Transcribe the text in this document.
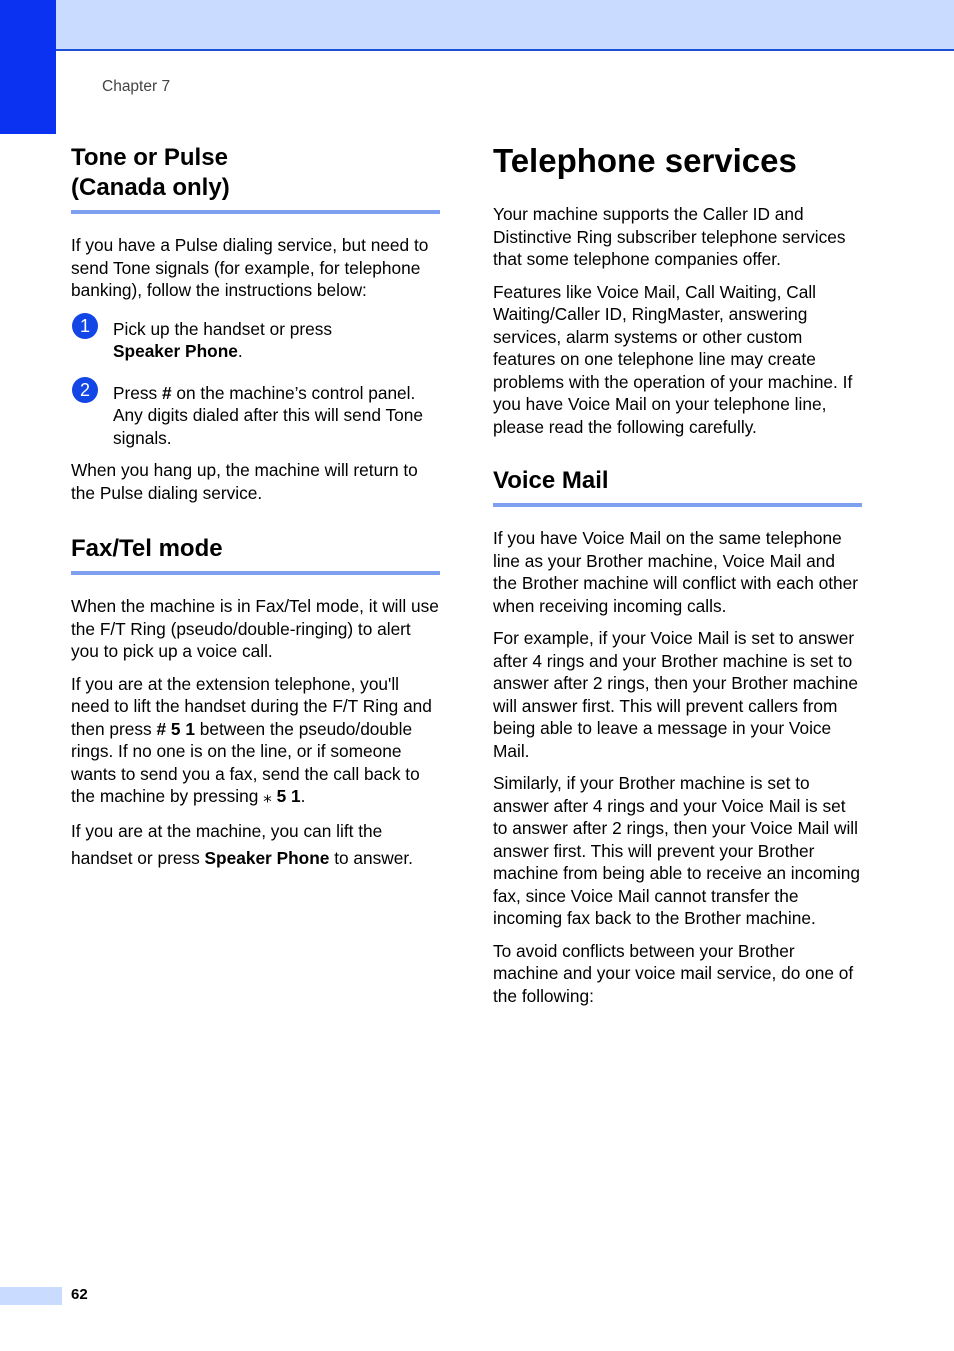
Chapter 7
Tone or Pulse
(Canada only)

If you have a Pulse dialing service, but need to send Tone signals (for example, for telephone banking), follow the instructions below:

1	Pick up the handset or press
Speaker Phone.
2	Press # on the machine’s control panel. Any digits dialed after this will send Tone signals.

When you hang up, the machine will return to the Pulse dialing service.

Fax/Tel mode

When the machine is in Fax/Tel mode, it will use the F/T Ring (pseudo/double-ringing) to alert you to pick up a voice call.

If you are at the extension telephone, you'll need to lift the handset during the F/T Ring and then press # 5 1 between the pseudo/double rings. If no one is on the line, or if someone wants to send you a fax, send the call back to the machine by pressing ⁎ 5 1.

If you are at the machine, you can lift the handset or press Speaker Phone to answer.

Telephone services

Your machine supports the Caller ID and Distinctive Ring subscriber telephone services that some telephone companies offer.

Features like Voice Mail, Call Waiting, Call Waiting/Caller ID, RingMaster, answering services, alarm systems or other custom features on one telephone line may create problems with the operation of your machine. If you have Voice Mail on your telephone line, please read the following carefully.

Voice Mail

If you have Voice Mail on the same telephone line as your Brother machine, Voice Mail and the Brother machine will conflict with each other when receiving incoming calls.

For example, if your Voice Mail is set to answer after 4 rings and your Brother machine is set to answer after 2 rings, then your Brother machine will answer first. This will prevent callers from being able to leave a message in your Voice Mail.

Similarly, if your Brother machine is set to answer after 4 rings and your Voice Mail is set to answer after 2 rings, then your Voice Mail will answer first. This will prevent your Brother machine from being able to receive an incoming fax, since Voice Mail cannot transfer the incoming fax back to the Brother machine.

To avoid conflicts between your Brother machine and your voice mail service, do one of the following:

62
